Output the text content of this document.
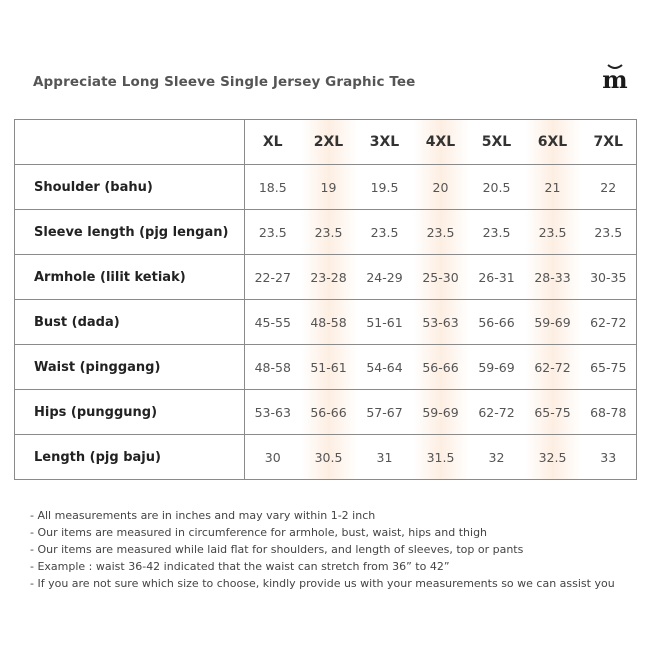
Appreciate Long Sleeve Single Jersey Graphic Tee	m
	XL	2XL	3XL	4XL	5XL	6XL	7XL
Shoulder (bahu)	18.5	19	19.5	20	20.5	21	22
Sleeve length (pjg lengan)	23.5	23.5	23.5	23.5	23.5	23.5	23.5
Armhole (lilit ketiak)	22-27	23-28	24-29	25-30	26-31	28-33	30-35
Bust (dada)	45-55	48-58	51-61	53-63	56-66	59-69	62-72
Waist (pinggang)	48-58	51-61	54-64	56-66	59-69	62-72	65-75
Hips (punggung)	53-63	56-66	57-67	59-69	62-72	65-75	68-78
Length (pjg baju)	30	30.5	31	31.5	32	32.5	33
- All measurements are in inches and may vary within 1-2 inch
- Our items are measured in circumference for armhole, bust, waist, hips and thigh
- Our items are measured while laid flat for shoulders, and length of sleeves, top or pants
- Example : waist 36-42 indicated that the waist can stretch from 36” to 42”
- If you are not sure which size to choose, kindly provide us with your measurements so we can assist you
